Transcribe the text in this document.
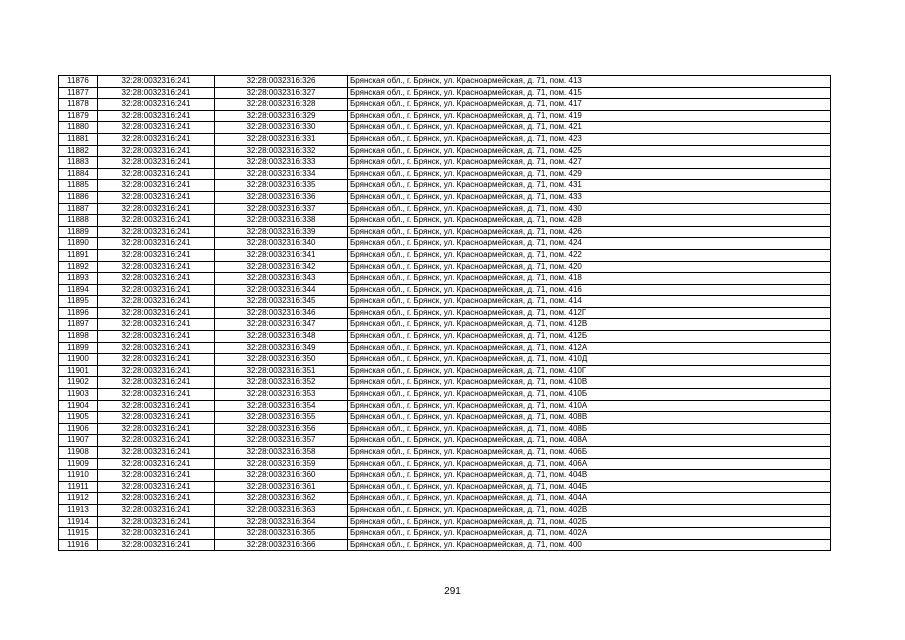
11876	32:28:0032316:241	32:28:0032316:326	Брянская обл., г. Брянск, ул. Красноармейская, д. 71, пом. 413
11877	32:28:0032316:241	32:28:0032316:327	Брянская обл., г. Брянск, ул. Красноармейская, д. 71, пом. 415
11878	32:28:0032316:241	32:28:0032316:328	Брянская обл., г. Брянск, ул. Красноармейская, д. 71, пом. 417
11879	32:28:0032316:241	32:28:0032316:329	Брянская обл., г. Брянск, ул. Красноармейская, д. 71, пом. 419
11880	32:28:0032316:241	32:28:0032316:330	Брянская обл., г. Брянск, ул. Красноармейская, д. 71, пом. 421
11881	32:28:0032316:241	32:28:0032316:331	Брянская обл., г. Брянск, ул. Красноармейская, д. 71, пом. 423
11882	32:28:0032316:241	32:28:0032316:332	Брянская обл., г. Брянск, ул. Красноармейская, д. 71, пом. 425
11883	32:28:0032316:241	32:28:0032316:333	Брянская обл., г. Брянск, ул. Красноармейская, д. 71, пом. 427
11884	32:28:0032316:241	32:28:0032316:334	Брянская обл., г. Брянск, ул. Красноармейская, д. 71, пом. 429
11885	32:28:0032316:241	32:28:0032316:335	Брянская обл., г. Брянск, ул. Красноармейская, д. 71, пом. 431
11886	32:28:0032316:241	32:28:0032316:336	Брянская обл., г. Брянск, ул. Красноармейская, д. 71, пом. 433
11887	32:28:0032316:241	32:28:0032316:337	Брянская обл., г. Брянск, ул. Красноармейская, д. 71, пом. 430
11888	32:28:0032316:241	32:28:0032316:338	Брянская обл., г. Брянск, ул. Красноармейская, д. 71, пом. 428
11889	32:28:0032316:241	32:28:0032316:339	Брянская обл., г. Брянск, ул. Красноармейская, д. 71, пом. 426
11890	32:28:0032316:241	32:28:0032316:340	Брянская обл., г. Брянск, ул. Красноармейская, д. 71, пом. 424
11891	32:28:0032316:241	32:28:0032316:341	Брянская обл., г. Брянск, ул. Красноармейская, д. 71, пом. 422
11892	32:28:0032316:241	32:28:0032316:342	Брянская обл., г. Брянск, ул. Красноармейская, д. 71, пом. 420
11893	32:28:0032316:241	32:28:0032316:343	Брянская обл., г. Брянск, ул. Красноармейская, д. 71, пом. 418
11894	32:28:0032316:241	32:28:0032316:344	Брянская обл., г. Брянск, ул. Красноармейская, д. 71, пом. 416
11895	32:28:0032316:241	32:28:0032316:345	Брянская обл., г. Брянск, ул. Красноармейская, д. 71, пом. 414
11896	32:28:0032316:241	32:28:0032316:346	Брянская обл., г. Брянск, ул. Красноармейская, д. 71, пом. 412Г
11897	32:28:0032316:241	32:28:0032316:347	Брянская обл., г. Брянск, ул. Красноармейская, д. 71, пом. 412В
11898	32:28:0032316:241	32:28:0032316:348	Брянская обл., г. Брянск, ул. Красноармейская, д. 71, пом. 412Б
11899	32:28:0032316:241	32:28:0032316:349	Брянская обл., г. Брянск, ул. Красноармейская, д. 71, пом. 412А
11900	32:28:0032316:241	32:28:0032316:350	Брянская обл., г. Брянск, ул. Красноармейская, д. 71, пом. 410Д
11901	32:28:0032316:241	32:28:0032316:351	Брянская обл., г. Брянск, ул. Красноармейская, д. 71, пом. 410Г
11902	32:28:0032316:241	32:28:0032316:352	Брянская обл., г. Брянск, ул. Красноармейская, д. 71, пом. 410В
11903	32:28:0032316:241	32:28:0032316:353	Брянская обл., г. Брянск, ул. Красноармейская, д. 71, пом. 410Б
11904	32:28:0032316:241	32:28:0032316:354	Брянская обл., г. Брянск, ул. Красноармейская, д. 71, пом. 410А
11905	32:28:0032316:241	32:28:0032316:355	Брянская обл., г. Брянск, ул. Красноармейская, д. 71, пом. 408В
11906	32:28:0032316:241	32:28:0032316:356	Брянская обл., г. Брянск, ул. Красноармейская, д. 71, пом. 408Б
11907	32:28:0032316:241	32:28:0032316:357	Брянская обл., г. Брянск, ул. Красноармейская, д. 71, пом. 408А
11908	32:28:0032316:241	32:28:0032316:358	Брянская обл., г. Брянск, ул. Красноармейская, д. 71, пом. 406Б
11909	32:28:0032316:241	32:28:0032316:359	Брянская обл., г. Брянск, ул. Красноармейская, д. 71, пом. 406А
11910	32:28:0032316:241	32:28:0032316:360	Брянская обл., г. Брянск, ул. Красноармейская, д. 71, пом. 404В
11911	32:28:0032316:241	32:28:0032316:361	Брянская обл., г. Брянск, ул. Красноармейская, д. 71, пом. 404Б
11912	32:28:0032316:241	32:28:0032316:362	Брянская обл., г. Брянск, ул. Красноармейская, д. 71, пом. 404А
11913	32:28:0032316:241	32:28:0032316:363	Брянская обл., г. Брянск, ул. Красноармейская, д. 71, пом. 402В
11914	32:28:0032316:241	32:28:0032316:364	Брянская обл., г. Брянск, ул. Красноармейская, д. 71, пом. 402Б
11915	32:28:0032316:241	32:28:0032316:365	Брянская обл., г. Брянск, ул. Красноармейская, д. 71, пом. 402А
11916	32:28:0032316:241	32:28:0032316:366	Брянская обл., г. Брянск, ул. Красноармейская, д. 71, пом. 400
291
